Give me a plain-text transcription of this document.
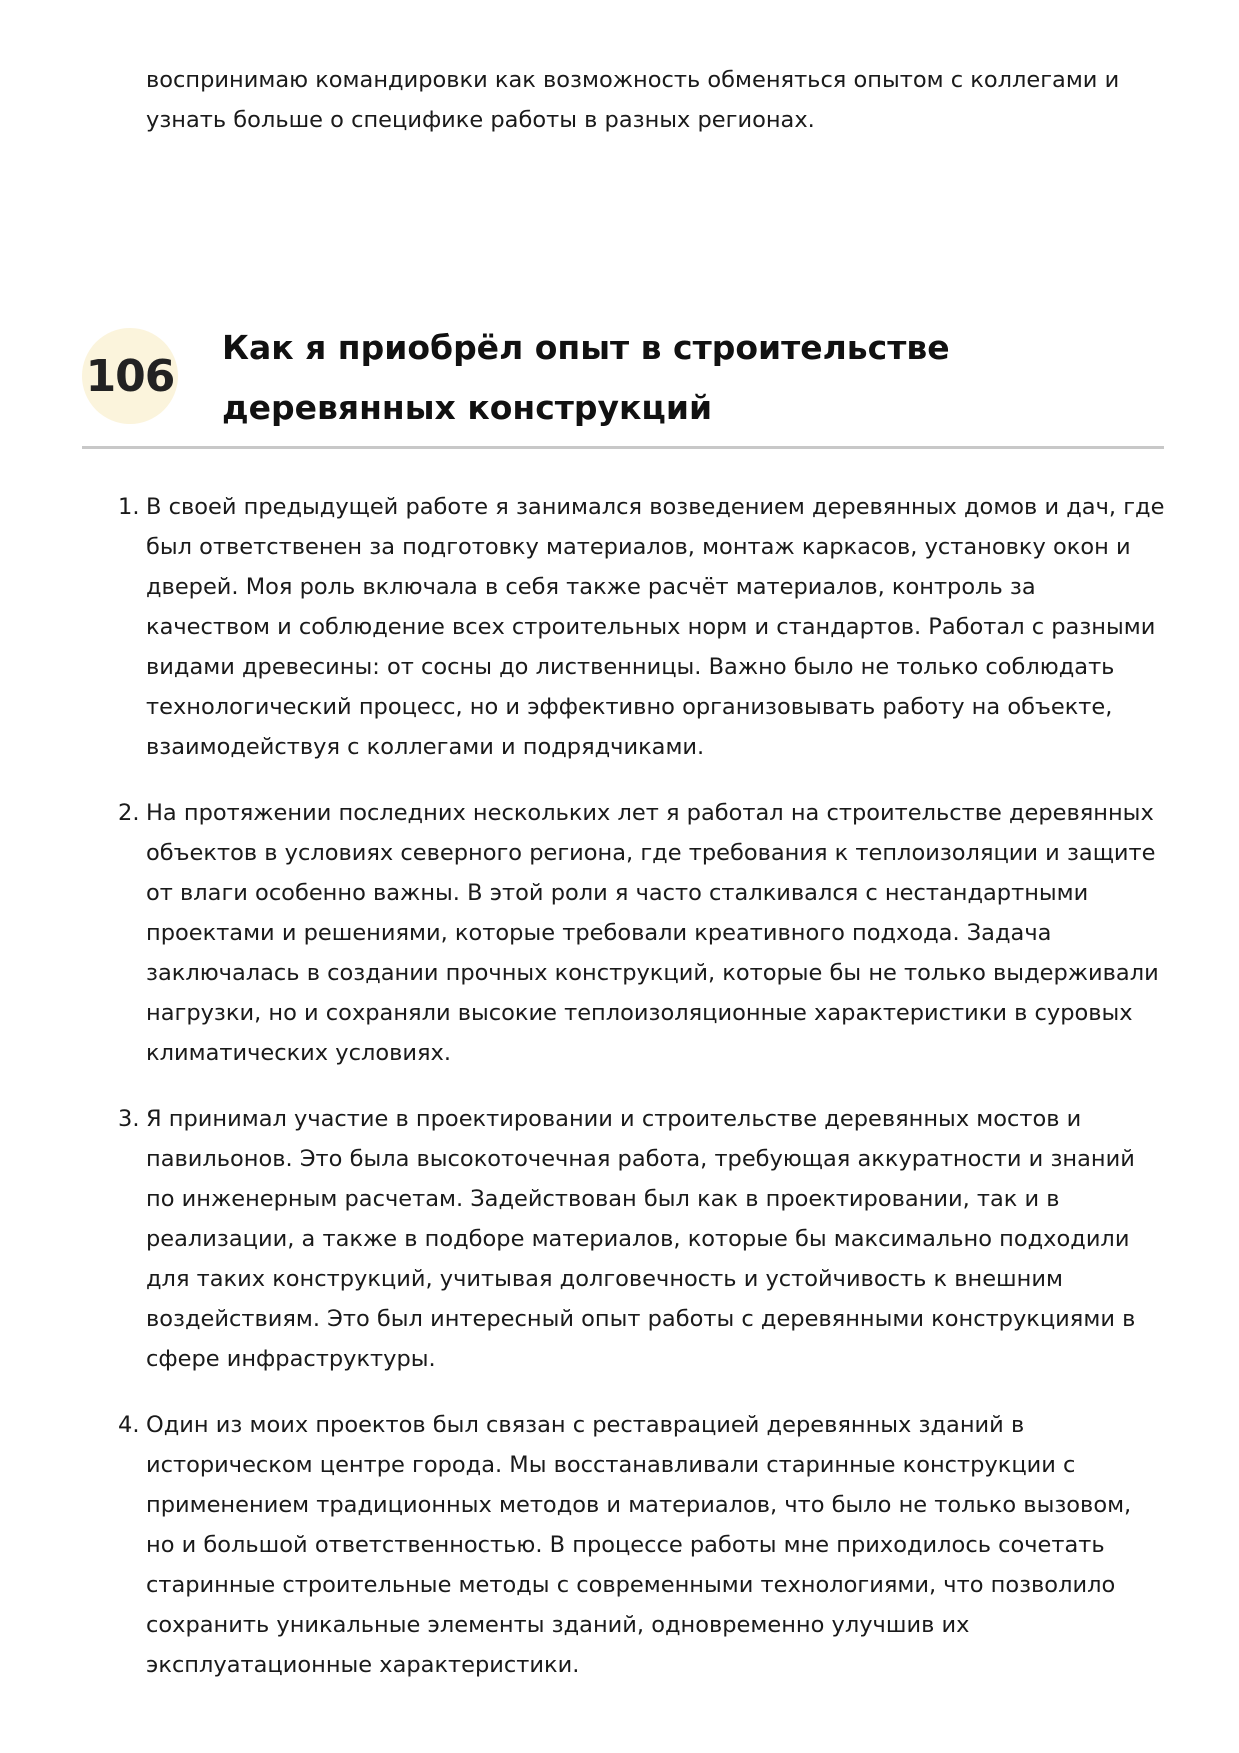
воспринимаю командировки как возможность обменяться опытом с коллегами и узнать больше о специфике работы в разных регионах.

106
Как я приобрёл опыт в строительстве деревянных конструкций
1. В своей предыдущей работе я занимался возведением деревянных домов и дач, где был ответственен за подготовку материалов, монтаж каркасов, установку окон и дверей. Моя роль включала в себя также расчёт материалов, контроль за качеством и соблюдение всех строительных норм и стандартов. Работал с разными видами древесины: от сосны до лиственницы. Важно было не только соблюдать технологический процесс, но и эффективно организовывать работу на объекте, взаимодействуя с коллегами и подрядчиками.

2. На протяжении последних нескольких лет я работал на строительстве деревянных объектов в условиях северного региона, где требования к теплоизоляции и защите от влаги особенно важны. В этой роли я часто сталкивался с нестандартными проектами и решениями, которые требовали креативного подхода. Задача заключалась в создании прочных конструкций, которые бы не только выдерживали нагрузки, но и сохраняли высокие теплоизоляционные характеристики в суровых климатических условиях.

3. Я принимал участие в проектировании и строительстве деревянных мостов и павильонов. Это была высокоточечная работа, требующая аккуратности и знаний по инженерным расчетам. Задействован был как в проектировании, так и в реализации, а также в подборе материалов, которые бы максимально подходили для таких конструкций, учитывая долговечность и устойчивость к внешним воздействиям. Это был интересный опыт работы с деревянными конструкциями в сфере инфраструктуры.

4. Один из моих проектов был связан с реставрацией деревянных зданий в историческом центре города. Мы восстанавливали старинные конструкции с применением традиционных методов и материалов, что было не только вызовом, но и большой ответственностью. В процессе работы мне приходилось сочетать старинные строительные методы с современными технологиями, что позволило сохранить уникальные элементы зданий, одновременно улучшив их эксплуатационные характеристики.
